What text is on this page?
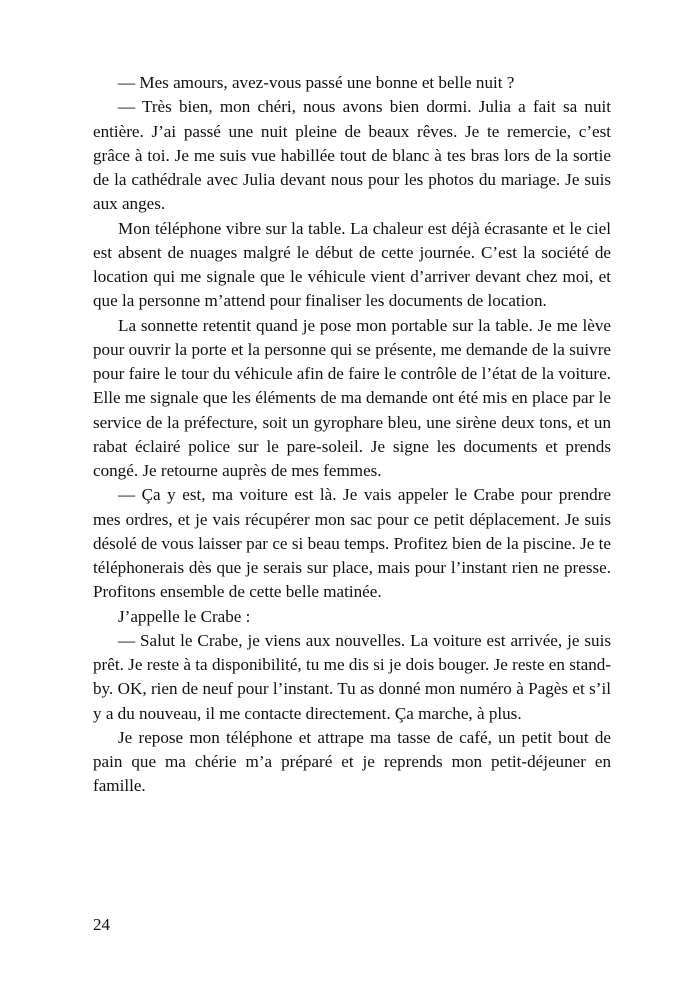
— Mes amours, avez-vous passé une bonne et belle nuit ?

— Très bien, mon chéri, nous avons bien dormi. Julia a fait sa nuit entière. J’ai passé une nuit pleine de beaux rêves. Je te remercie, c’est grâce à toi. Je me suis vue habillée tout de blanc à tes bras lors de la sortie de la cathédrale avec Julia devant nous pour les photos du mariage. Je suis aux anges.

Mon téléphone vibre sur la table. La chaleur est déjà écrasante et le ciel est absent de nuages malgré le début de cette journée. C’est la société de location qui me signale que le véhicule vient d’arriver devant chez moi, et que la personne m’attend pour finaliser les documents de location.

La sonnette retentit quand je pose mon portable sur la table. Je me lève pour ouvrir la porte et la personne qui se présente, me demande de la suivre pour faire le tour du véhicule afin de faire le contrôle de l’état de la voiture. Elle me signale que les éléments de ma demande ont été mis en place par le service de la préfecture, soit un gyrophare bleu, une sirène deux tons, et un rabat éclairé police sur le pare-soleil. Je signe les documents et prends congé. Je retourne auprès de mes femmes.

— Ça y est, ma voiture est là. Je vais appeler le Crabe pour prendre mes ordres, et je vais récupérer mon sac pour ce petit déplacement. Je suis désolé de vous laisser par ce si beau temps. Profitez bien de la piscine. Je te téléphonerais dès que je serais sur place, mais pour l’instant rien ne presse. Profitons ensemble de cette belle matinée.

J’appelle le Crabe :

— Salut le Crabe, je viens aux nouvelles. La voiture est arrivée, je suis prêt. Je reste à ta disponibilité, tu me dis si je dois bouger. Je reste en stand-by. OK, rien de neuf pour l’instant. Tu as donné mon numéro à Pagès et s’il y a du nouveau, il me contacte directement. Ça marche, à plus.

Je repose mon téléphone et attrape ma tasse de café, un petit bout de pain que ma chérie m’a préparé et je reprends mon petit-déjeuner en famille.

24
